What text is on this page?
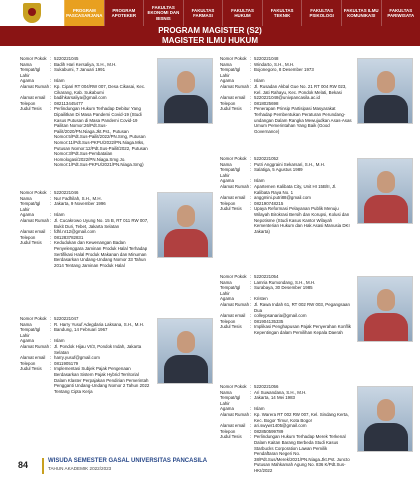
PROGRAM PASCASARJANA
PROGRAM APOTEKER
FAKULTAS EKONOMI DAN BISNIS
FAKULTAS FARMASI
FAKULTAS HUKUM
FAKULTAS TEKNIK
FAKULTAS PSIKOLOGI
FAKULTAS ILMU KOMUNIKASI
FAKULTAS PARIWISATA
PROGRAM MAGISTER (S2)
MAGISTER ILMU HUKUM
Nomor Pokok : 5220221045
Nama	: Badih Hari Kersaliya, S.H., M.H.
Tempat/tgl Lahir
: Sukabumi, 7 Januari 1991
Agama	: Islam
Alamat Rumah : Kp. Cipari RT 004/RW 007, Desa Cikasai, Kec. Cikarang, Kab. Sukabumi
Alamat email	: badihkarsaliya@gmail.com
Telepon	: 082113445477
Judul Tesis	: Perlindungan Hukum Terhadap Debitur Yang Dipailitkan Di Masa Pandemi Covid-19 (Studi Kasus Putusan di Masa Pandemi Covid-19 Pailitan Nomor:26/Pdt.Sus-Pailit/2020/PN.Niaga.Jkt.Pst., Putusan Nomor:5/Pdt.Sus-Pailit/2022/PN.Smg, Putusan Nomor:11/Pdt.Sus-PKPU/2022/PN.Niaga.Mks, Putusan Nomor:12/Pdt.Sus-Pailit/2022, Putusan Nomor:3/Pdt.Sus-Pembatalan Homologasi/2022/PN.Niaga.Smg Jo. Nomor:1/Pdt.Sus-PKPU/2021/PN.Niaga.Smg)
Nomor Pokok : 5220221048
Nama	: Windarto, S.H., M.H.
Tempat/tgl Lahir
: Bojonegoro, 8 Desember 1973
Agama	: Islam
Alamat Rumah : Jl. Rusadan Akbal Gue No. 21 RT 004 RW 023, Kel. Jati Rahayu, Kec. Pondok Melati, Bekasi
Alamat email	: 5220221048@univpancasila.ac.id
Telepon	: 0818025698
Judul Tesis	: Penerapan Prinsip Partisipasi Masyarakat Terhadap Pembentukan Peraturan Perundang-undangan Dalam Rangka Mewujudkan Asas-Asas Umum Pemerintahan Yang Baik (Good Governance)
Nomor Pokok : 5220221052
Nama	: Putri Anggraini Sekarsari, S.H., M.H.
Tempat/tgl Lahir
: Salatiga, 5 Agustus 1989
Agama	: Islam
Alamat Rumah : Apartemen Kalibata City, Unit HI 15B/II, Jl. Kalibata Raya No. 1
Alamat email	: anggmini.putri88@gmail.com
Telepon	: 082190748215
Judul Tesis	: Upaya Reformasi Pelayanan Publik Menuju Wilayah Birokrasi Bersih dan Korupsi, Kolusi dan Nepotisme (Studi Kasus Kantor Wilayah Kementerian Hukum dan Hak Asasi Manusia DKI Jakarta)
Nomor Pokok : 5220221046
Nama	: Nur Fadhilah, S.H., M.H.
Tempat/tgl Lahir
: Jakarta, 9 November 1996
Agama	: Islam
Alamat Rumah : Jl. Cucakrowo Uyung No. 15 B, RT 011 RW 007, Bukit Duri, Tebet, Jakarta Selatan
Alamat email	: fdhl.nr12@gmail.com
Telepon	: 081283782831
Judul Tesis	: Kedudukan dan Kewenangan Badan Penyelenggara Jaminan Produk Halal Terhadap Sertifikasi Halal Produk Makanan dan Minuman Berdasarkan Undang-Undang Nomor 33 Tahun 2014 Tentang Jaminan Produk Halal
Nomor Pokok : 5220221054
Nama	: Lamria Rumondang, S.H., M.H.
Tempat/tgl Lahir
: Surabaya, 30 Desember 1985
Agama	: Kristen
Alamat Rumah : Jl. Rawa Indah 61, RT 002 RW 003, Pegangsaan Dua
Alamat email	: colleypsanaria@gmail.com
Telepon	: 081904135335
Judul Tesis	: Implikasi Penghapusan Pajak Penyerahan Konflik Kepentingan dalam Pemilihan Kepala Daerah
Nomor Pokok : 5220221047
Nama	: R. Harry Yusuf Adegdaria Laksana, S.H., M.H.
Tempat/tgl Lahir
: Bandung, 14 Februari 1967
Agama	: Islam
Alamat Rumah : Jl. Pondok Hijau VI/3, Pondok Indah, Jakarta Selatan
Alamat email	: harry.yusuf@gmail.com
Telepon	: 0811905179
Judul Tesis	: Implementasi Subjek Pajak Pengenaan Berdasarkan Sistem Pajak Hybrid Territorial Dalam Klaster Perpajakan Pendirian Pemerintah Pengganti Undang-Undang Nomor 2 Tahun 2022 Tentang Cipta Kerja
Nomor Pokok : 5220221056
Nama	: Ari Suwandana, S.H., M.H.
Tempat/tgl Lahir
: Jakarta, 14 Mei 1983
Agama	: Islam
Alamat Rumah : Kp. Warera RT 002 RW 007, Kel. Sindang Kerta, Kec. Bogor Timur, Kota Bogor
Alamat email	: ari.swywr1405@gmail.com
Telepon	: 082850599789
Judul Tesis	: Perlindungan Hukum Terhadap Merek Terkenal Dalam Kaitan Barang Berbeda Studi Kasus Starbucks Corporation Lawan Pemilik Pendaftaran Negeri No. 38/Pdt.Sus/Merek/2021/PN.Niaga.Jkt.Pst. Juncto Putusan Mahkamah Agung No. 836 K/Pdt.Sus-HKI/2022
84	WISUDA SEMESTER GASAL UNIVERSITAS PANCASILA
TAHUN AKADEMIK 2022/2023
